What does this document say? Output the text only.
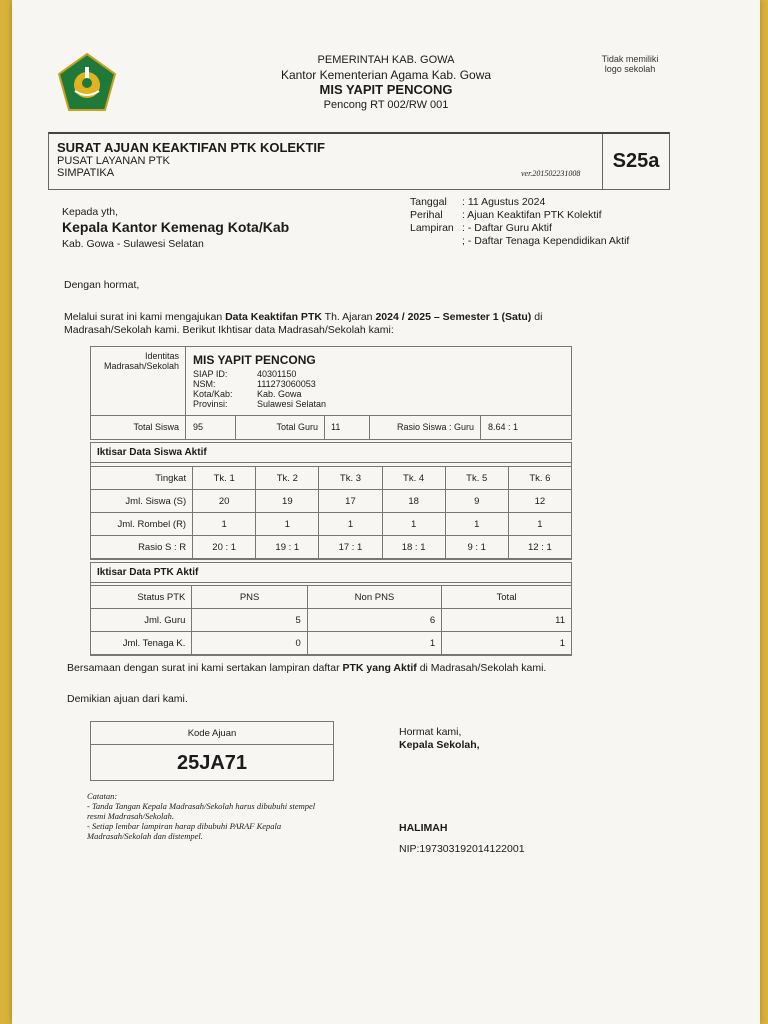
PEMERINTAH KAB. GOWA
Kantor Kementerian Agama Kab. Gowa
MIS YAPIT PENCONG
Pencong RT 002/RW 001
Tidak memiliki logo sekolah
SURAT AJUAN KEAKTIFAN PTK KOLEKTIF
PUSAT LAYANAN PTK
SIMPATIKA	ver.201502231008
S25a
Tanggal : 11 Agustus 2024
Perihal : Ajuan Keaktifan PTK Kolektif
Lampiran : - Daftar Guru Aktif
; - Daftar Tenaga Kependidikan Aktif
Kepada yth,
Kepala Kantor Kemenag Kota/Kab
Kab. Gowa - Sulawesi Selatan
Dengan hormat,
Melalui surat ini kami mengajukan Data Keaktifan PTK Th. Ajaran 2024 / 2025 – Semester 1 (Satu) di
Madrasah/Sekolah kami. Berikut Ikhtisar data Madrasah/Sekolah kami:
Identitas Madrasah/Sekolah	MIS YAPIT PENCONG
SIAP ID:	40301150
NSM:	111273060053
Kota/Kab:	Kab. Gowa
Provinsi:	Sulawesi Selatan
Total Siswa	95	Total Guru	11	Rasio Siswa : Guru	8.64 : 1
Iktisar Data Siswa Aktif
Tingkat	Tk. 1	Tk. 2	Tk. 3	Tk. 4	Tk. 5	Tk. 6
Jml. Siswa (S)	20	19	17	18	9	12
Jml. Rombel (R)	1	1	1	1	1	1
Rasio S : R	20 : 1	19 : 1	17 : 1	18 : 1	9 : 1	12 : 1
Iktisar Data PTK Aktif
Status PTK	PNS	Non PNS	Total
Jml. Guru	5	6	11
Jml. Tenaga K.	0	1	1
Bersamaan dengan surat ini kami sertakan lampiran daftar PTK yang Aktif di Madrasah/Sekolah kami.
Demikian ajuan dari kami.
Kode Ajuan
25JA71
Catatan:
- Tanda Tangan Kepala Madrasah/Sekolah harus dibubuhi stempel
resmi Madrasah/Sekolah.
- Setiap lembar lampiran harap dibubuhi PARAF Kepala
Madrasah/Sekolah dan distempel.
Hormat kami,
Kepala Sekolah,
HALIMAH
NIP:197303192014122001
